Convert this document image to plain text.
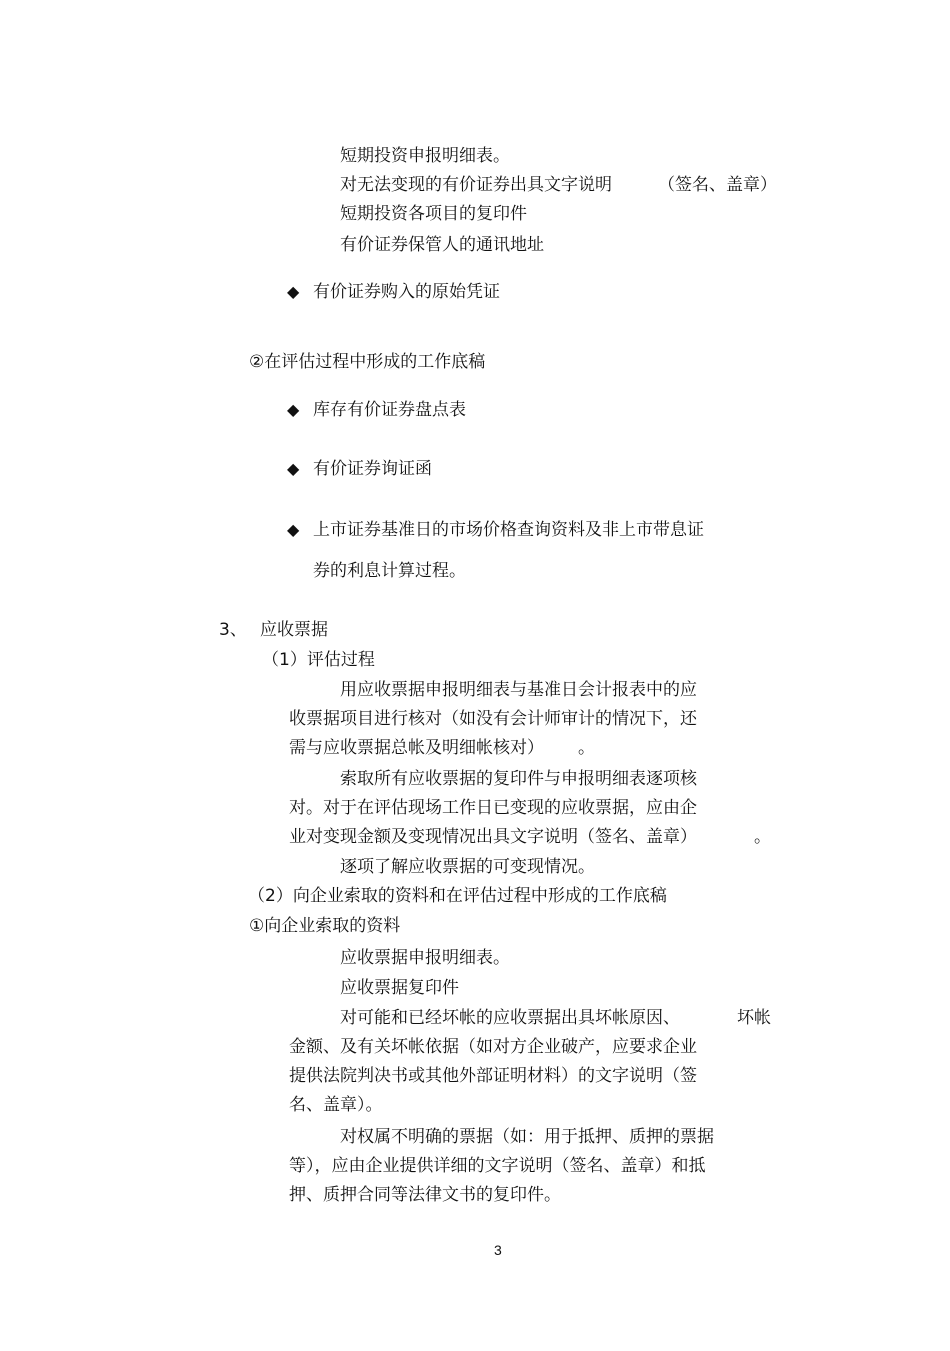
短期投资申报明细表。
对无法变现的有价证券出具文字说明	（签名、盖章）
短期投资各项目的复印件
有价证券保管人的通讯地址
◆ 有价证券购入的原始凭证
②在评估过程中形成的工作底稿
◆ 库存有价证券盘点表
◆ 有价证券询证函
◆ 上市证券基准日的市场价格查询资料及非上市带息证
券的利息计算过程。
3、 应收票据
（1）评估过程
用应收票据申报明细表与基准日会计报表中的应
收票据项目进行核对（如没有会计师审计的情况下，还
需与应收票据总帐及明细帐核对） 。
索取所有应收票据的复印件与申报明细表逐项核
对。对于在评估现场工作日已变现的应收票据，应由企
业对变现金额及变现情况出具文字说明（签名、盖章）	。
逐项了解应收票据的可变现情况。
（2）向企业索取的资料和在评估过程中形成的工作底稿
①向企业索取的资料
应收票据申报明细表。
应收票据复印件
对可能和已经坏帐的应收票据出具坏帐原因、	坏帐
金额、及有关坏帐依据（如对方企业破产，应要求企业
提供法院判决书或其他外部证明材料）的文字说明（签
名、盖章）。
对权属不明确的票据（如：用于抵押、质押的票据
等），应由企业提供详细的文字说明（签名、盖章）和抵
押、质押合同等法律文书的复印件。
3
